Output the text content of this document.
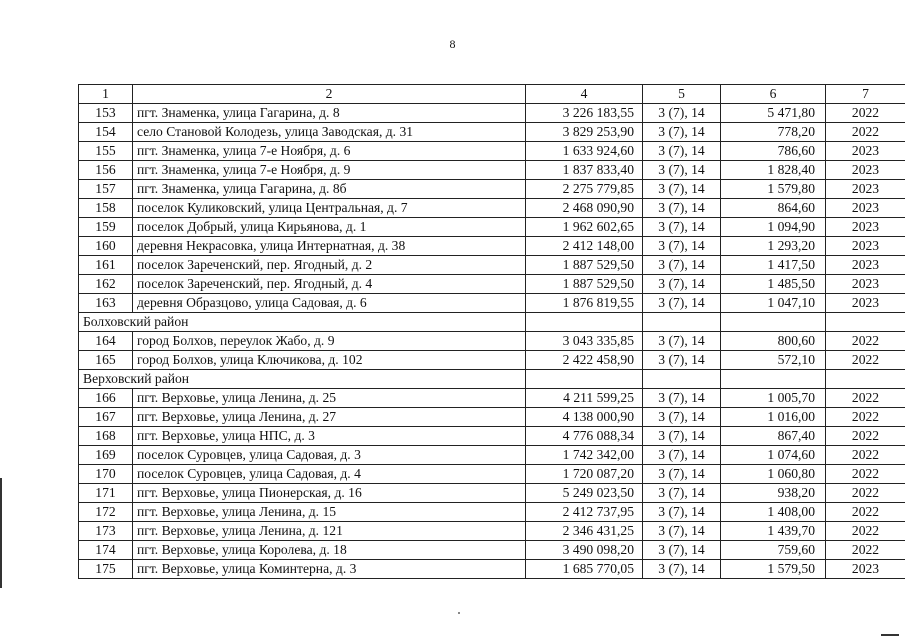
8
1	2	4	5	6	7
153	пгт. Знаменка, улица Гагарина, д. 8	3 226 183,55	3 (7), 14	5 471,80	2022
154	село Становой Колодезь, улица Заводская, д. 31	3 829 253,90	3 (7), 14	778,20	2022
155	пгт. Знаменка, улица 7-е Ноября, д. 6	1 633 924,60	3 (7), 14	786,60	2023
156	пгт. Знаменка, улица 7-е Ноября, д. 9	1 837 833,40	3 (7), 14	1 828,40	2023
157	пгт. Знаменка, улица Гагарина, д. 8б	2 275 779,85	3 (7), 14	1 579,80	2023
158	поселок Куликовский, улица Центральная, д. 7	2 468 090,90	3 (7), 14	864,60	2023
159	поселок Добрый, улица Кирьянова, д. 1	1 962 602,65	3 (7), 14	1 094,90	2023
160	деревня Некрасовка, улица Интернатная, д. 38	2 412 148,00	3 (7), 14	1 293,20	2023
161	поселок Зареченский, пер. Ягодный, д. 2	1 887 529,50	3 (7), 14	1 417,50	2023
162	поселок Зареченский, пер. Ягодный, д. 4	1 887 529,50	3 (7), 14	1 485,50	2023
163	деревня Образцово, улица Садовая, д. 6	1 876 819,55	3 (7), 14	1 047,10	2023
Болховский район					
164	город Болхов, переулок Жабо, д. 9	3 043 335,85	3 (7), 14	800,60	2022
165	город Болхов, улица Ключикова, д. 102	2 422 458,90	3 (7), 14	572,10	2022
Верховский район					
166	пгт. Верховье, улица Ленина, д. 25	4 211 599,25	3 (7), 14	1 005,70	2022
167	пгт. Верховье, улица Ленина, д. 27	4 138 000,90	3 (7), 14	1 016,00	2022
168	пгт. Верховье, улица НПС, д. 3	4 776 088,34	3 (7), 14	867,40	2022
169	поселок Суровцев, улица Садовая, д. 3	1 742 342,00	3 (7), 14	1 074,60	2022
170	поселок Суровцев, улица Садовая, д. 4	1 720 087,20	3 (7), 14	1 060,80	2022
171	пгт. Верховье, улица Пионерская, д. 16	5 249 023,50	3 (7), 14	938,20	2022
172	пгт. Верховье, улица Ленина, д. 15	2 412 737,95	3 (7), 14	1 408,00	2022
173	пгт. Верховье, улица Ленина, д. 121	2 346 431,25	3 (7), 14	1 439,70	2022
174	пгт. Верховье, улица Королева, д. 18	3 490 098,20	3 (7), 14	759,60	2022
175	пгт. Верховье, улица Коминтерна, д. 3	1 685 770,05	3 (7), 14	1 579,50	2023
